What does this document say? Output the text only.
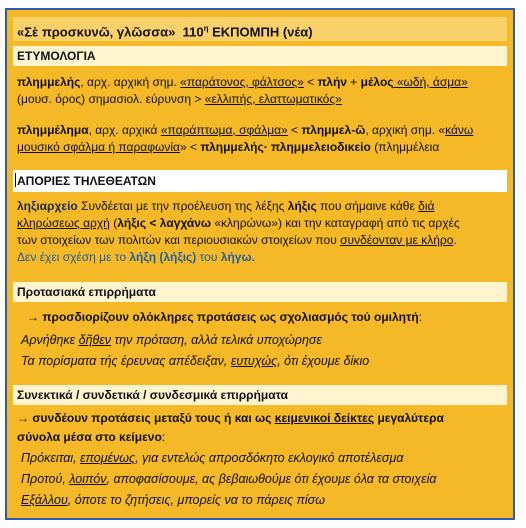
«Σὲ προσκυνῶ, γλῶσσα» $110^\eta$ ΕΚΠΟΜΠΗ (νέα)
ΕΤΥΜΟΛΟΓΙΑ
πλημμελής, αρχ. αρχική σημ. «παράτονος, φάλτσος» < πλήν + μέλος «ωδή, άσμα»
(μουσ. όρος) σημασιολ. εύρυνση > «ελλιπής, ελαττωματικός»
πλημμέλημα, αρχ. αρχικά «παράπτωμα, σφάλμα» < πλημμελ-ῶ, αρχική σημ. «κάνω
μουσικό σφάλμα ή παραφωνία» < πλημμελής· πλημμελειοδικείο (πλημμέλεια
ΑΠΟΡΙΕΣ ΤΗΛΕΘΕΑΤΩΝ
ληξιαρχείο Συνδέεται με την προέλευση της λέξης λήξις που σήμαινε κάθε διά
κληρώσεως αρχή (λήξις < λαγχάνω «κληρώνω») και την καταγραφή από τις αρχές
των στοιχείων των πολιτών και περιουσιακών στοιχείων που συνδέονταν με κλήρο.
Δεν έχει σχέση με το λήξη (λήξις) του λήγω.
Προτασιακά επιρρήματα
→ προσδιορίζουν ολόκληρες προτάσεις ως σχολιασμός τού ομιλητή:
Αρνήθηκε δῆθεν την πρόταση, αλλά τελικά υποχώρησε
Τα πορίσματα τής έρευνας απέδειξαν, ευτυχώς, ότι έχουμε δίκιο
Συνεκτικά / συνδετικά / συνδεσμικά επιρρήματα
→ συνδέουν προτάσεις μεταξύ τους ή και ως κειμενικοί δείκτες μεγαλύτερα
σύνολα μέσα στο κείμενο:
Πρόκειται, επομένως, για εντελώς απροσδόκητο εκλογικό αποτέλεσμα
Προτού, λοιπόν, αποφασίσουμε, ας βεβαιωθούμε ότι έχουμε όλα τα στοιχεία
Εξάλλου, όποτε το ζητήσεις, μπορείς να το πάρεις πίσω
